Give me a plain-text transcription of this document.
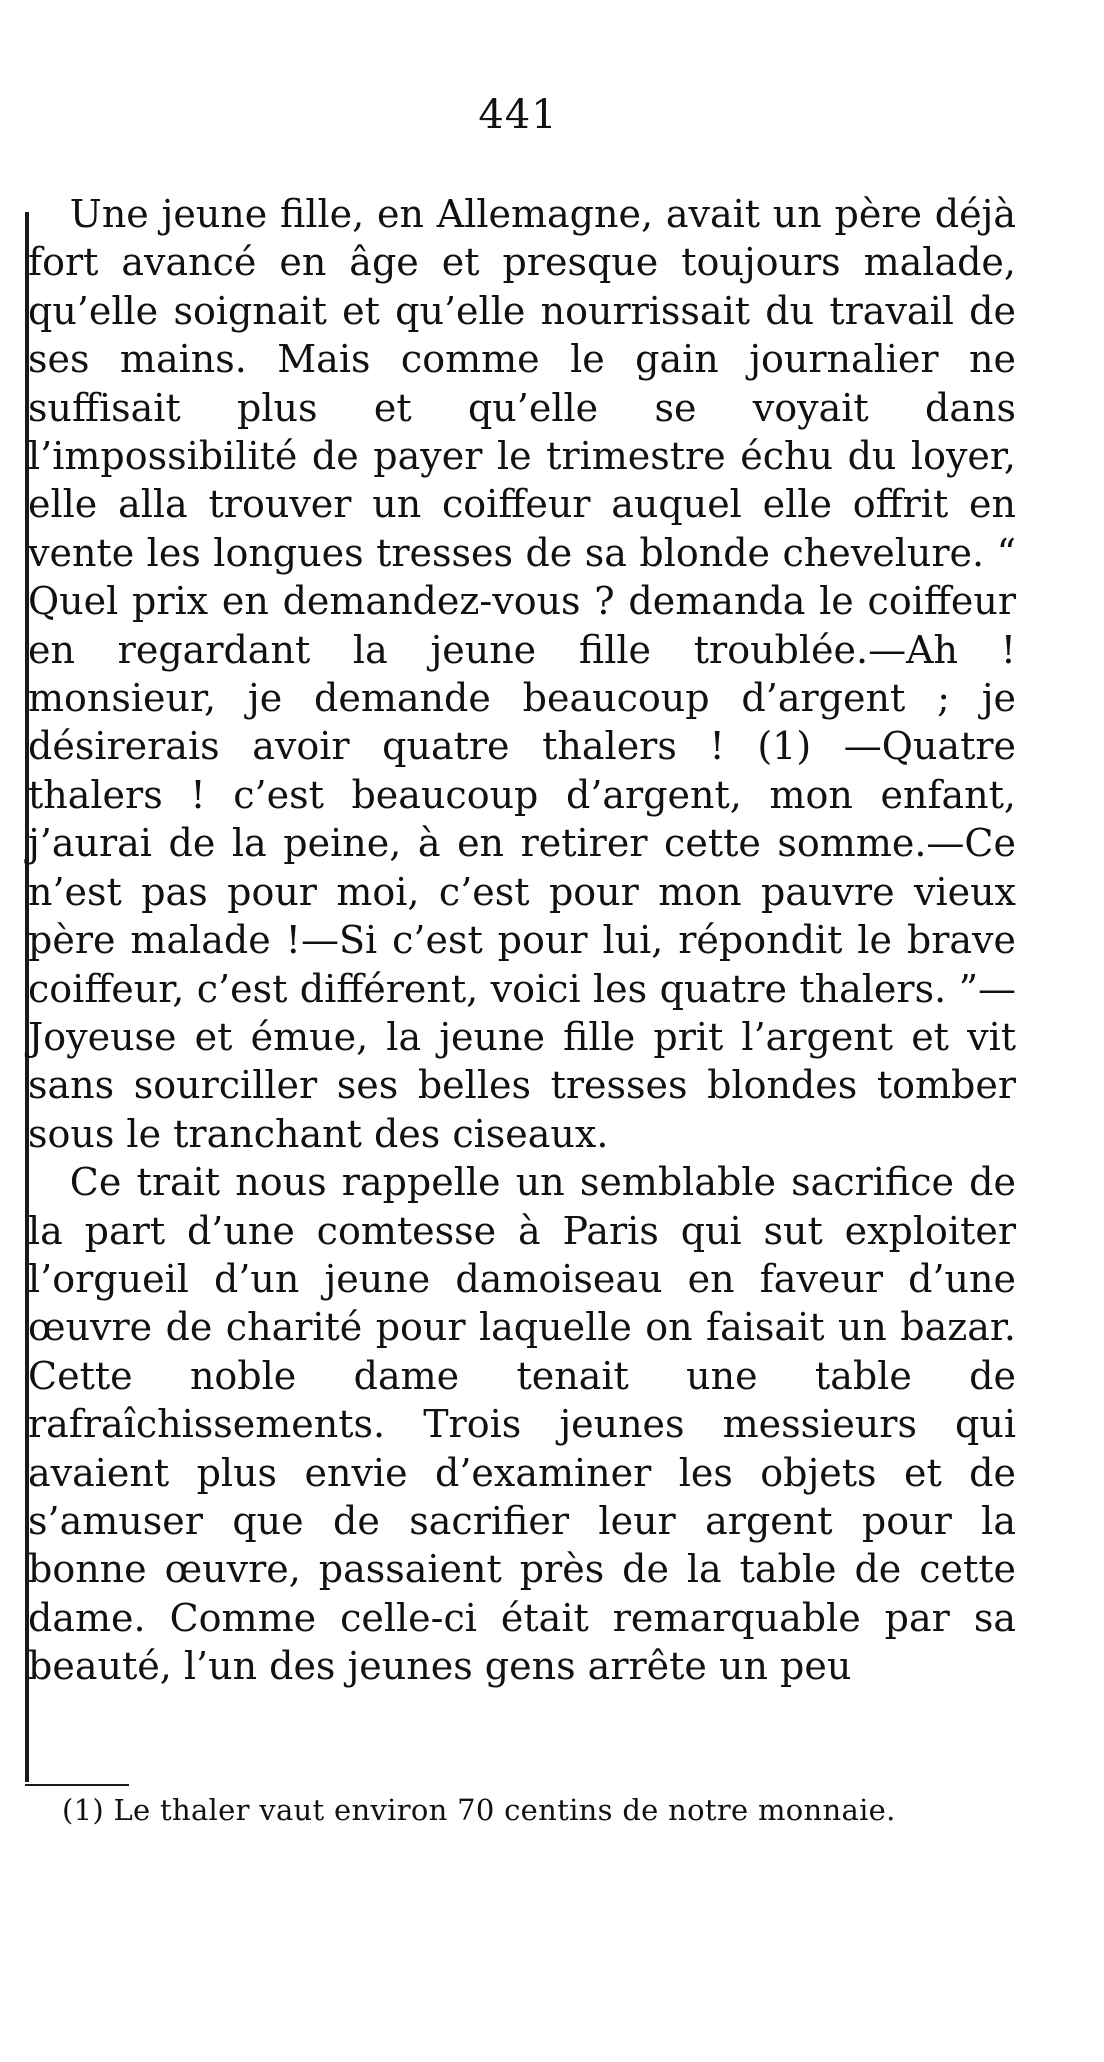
441

Une jeune fille, en Allemagne, avait un père déjà fort avancé en âge et presque toujours malade, qu’elle soignait et qu’elle nourrissait du travail de ses mains. Mais comme le gain journalier ne suffisait plus et qu’elle se voyait dans l’impossibilité de payer le trimestre échu du loyer, elle alla trouver un coiffeur auquel elle offrit en vente les longues tresses de sa blonde chevelure. “ Quel prix en demandez-vous ? demanda le coiffeur en regardant la jeune fille troublée.—Ah ! monsieur, je demande beaucoup d’argent ; je désirerais avoir quatre thalers ! (1) —Quatre thalers ! c’est beaucoup d’argent, mon enfant, j’aurai de la peine, à en retirer cette somme.—Ce n’est pas pour moi, c’est pour mon pauvre vieux père malade !—Si c’est pour lui, répondit le brave coiffeur, c’est différent, voici les quatre thalers. ”—Joyeuse et émue, la jeune fille prit l’argent et vit sans sourciller ses belles tresses blondes tomber sous le tranchant des ciseaux.

Ce trait nous rappelle un semblable sacrifice de la part d’une comtesse à Paris qui sut exploiter l’orgueil d’un jeune damoiseau en faveur d’une œuvre de charité pour laquelle on faisait un bazar. Cette noble dame tenait une table de rafraîchissements. Trois jeunes messieurs qui avaient plus envie d’examiner les objets et de s’amuser que de sacrifier leur argent pour la bonne œuvre, passaient près de la table de cette dame. Comme celle-ci était remarquable par sa beauté, l’un des jeunes gens arrête un peu

(1) Le thaler vaut environ 70 centins de notre monnaie.
